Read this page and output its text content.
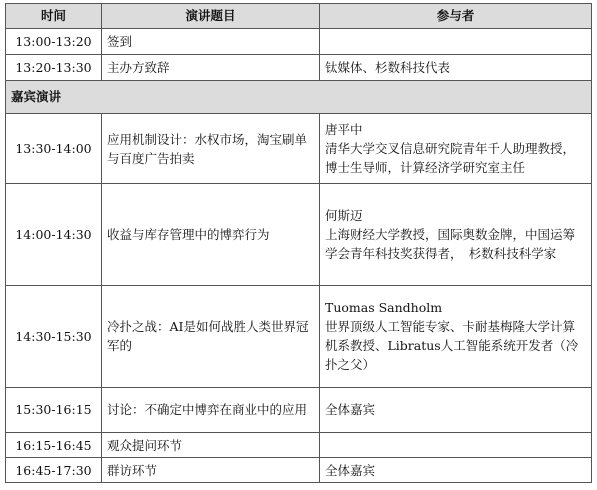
时间	演讲题目	参与者
13:00-13:20	签到	
13:20-13:30	主办方致辞	钛媒体、杉数科技代表
嘉宾演讲		
13:30-14:00	应用机制设计：水权市场，淘宝刷单与百度广告拍卖	唐平中
清华大学交叉信息研究院青年千人助理教授，博士生导师，计算经济学研究室主任

14:00-14:30	收益与库存管理中的博弈行为	何斯迈
上海财经大学教授，国际奥数金牌，中国运筹学会青年科技奖获得者，　杉数科技科学家

14:30-15:30	冷扑之战：AI是如何战胜人类世界冠军的	Tuomas Sandholm
世界顶级人工智能专家、卡耐基梅隆大学计算机系教授、Libratus人工智能系统开发者（冷扑之父）

15:30-16:15	讨论：不确定中博弈在商业中的应用	全体嘉宾
16:15-16:45	观众提问环节	
16:45-17:30	群访环节	全体嘉宾
